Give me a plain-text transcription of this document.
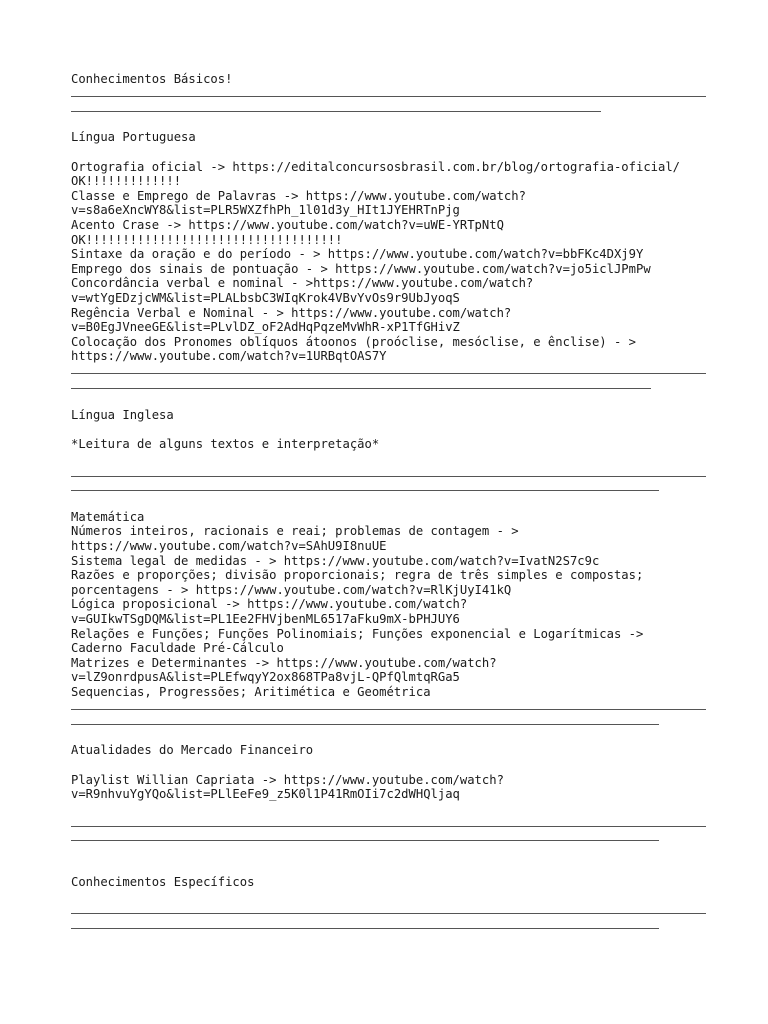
Conhecimentos Básicos!
Língua Portuguesa
Ortografia oficial -> https://editalconcursosbrasil.com.br/blog/ortografia-oficial/
OK!!!!!!!!!!!!!
Classe e Emprego de Palavras -> https://www.youtube.com/watch?
v=s8a6eXncWY8&list=PLR5WXZfhPh_1l01d3y_HIt1JYEHRTnPjg
Acento Crase -> https://www.youtube.com/watch?v=uWE-YRTpNtQ
OK!!!!!!!!!!!!!!!!!!!!!!!!!!!!!!!!!!!
Sintaxe da oração e do período - > https://www.youtube.com/watch?v=bbFKc4DXj9Y
Emprego dos sinais de pontuação - > https://www.youtube.com/watch?v=jo5iclJPmPw
Concordância verbal e nominal - >https://www.youtube.com/watch?
v=wtYgEDzjcWM&list=PLALbsbC3WIqKrok4VBvYvOs9r9UbJyoqS
Regência Verbal e Nominal - > https://www.youtube.com/watch?
v=B0EgJVneeGE&list=PLvlDZ_oF2AdHqPqzeMvWhR-xP1TfGHivZ
Colocação dos Pronomes oblíquos átoonos (proóclise, mesóclise, e ênclise) - >
https://www.youtube.com/watch?v=1URBqtOAS7Y
Língua Inglesa
*Leitura de alguns textos e interpretação*
Matemática
Números inteiros, racionais e reai; problemas de contagem - >
https://www.youtube.com/watch?v=SAhU9I8nuUE
Sistema legal de medidas - > https://www.youtube.com/watch?v=IvatN2S7c9c
Razões e proporções; divisão proporcionais; regra de três simples e compostas;
porcentagens - > https://www.youtube.com/watch?v=RlKjUyI41kQ
Lógica proposicional -> https://www.youtube.com/watch?
v=GUIkwTSgDQM&list=PL1Ee2FHVjbenML6517aFku9mX-bPHJUY6
Relações e Funções; Funções Polinomiais; Funções exponencial e Logarítmicas ->
Caderno Faculdade Pré-Cálculo
Matrizes e Determinantes -> https://www.youtube.com/watch?
v=lZ9onrdpusA&list=PLEfwqyY2ox868TPa8vjL-QPfQlmtqRGa5
Sequencias, Progressões; Aritimética e Geométrica
Atualidades do Mercado Financeiro
Playlist Willian Capriata -> https://www.youtube.com/watch?
v=R9nhvuYgYQo&list=PLlEeFe9_z5K0l1P41RmOIi7c2dWHQljaq
Conhecimentos Específicos
